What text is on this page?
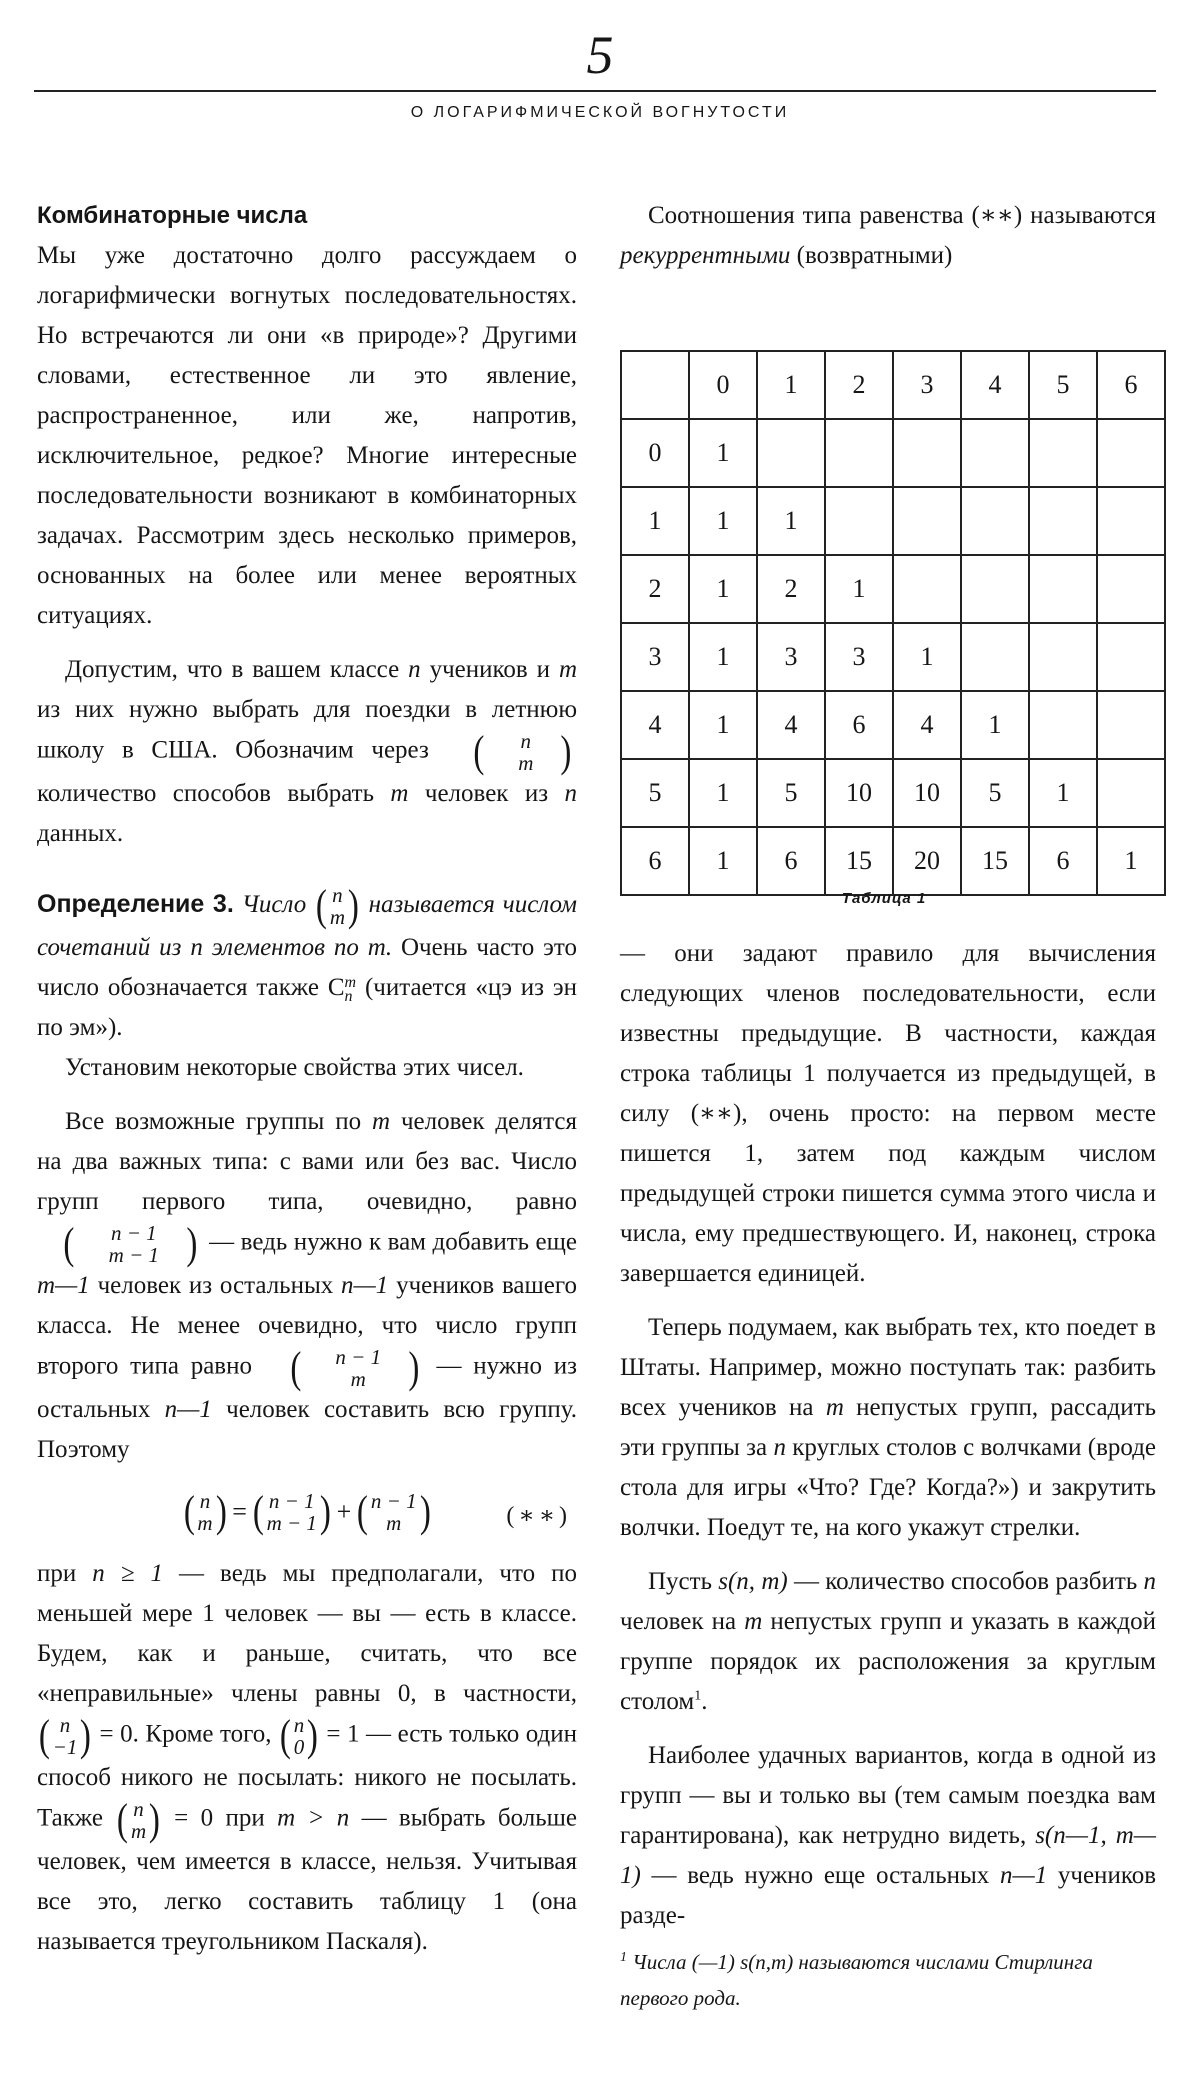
5
О ЛОГАРИФМИЧЕСКОЙ ВОГНУТОСТИ

Комбинаторные числа

Мы уже достаточно долго рассуждаем о логарифмически вогнутых последовательностях. Но встречаются ли они «в природе»? Другими словами, естественное ли это явление, распространенное, или же, напротив, исключительное, редкое? Многие интересные последовательности возникают в комбинаторных задачах. Рассмотрим здесь несколько примеров, основанных на более или менее вероятных ситуациях.

Допустим, что в вашем классе n учеников и m из них нужно выбрать для поездки в летнюю школу в США. Обозначим через	(	n
m )
количество способов выбрать m человек из n данных.

Определение 3. Число ( n
m ) называется числом сочетаний из n элементов по m. Очень часто это число обозначается также C m
n (читается «цэ из эн по эм»).

Установим некоторые свойства этих чисел.

Все возможные группы по m человек делятся на два важных типа: с вами или без вас. Число групп первого типа, очевидно, равно
(	n − 1
m − 1 ) — ведь нужно к вам добавить еще m—1 человек из остальных n—1 учеников вашего класса. Не менее очевидно, что число групп второго типа равно (	n − 1
m ) — нужно из остальных n—1 человек составить всю группу. Поэтому

( n
m ) = ( n − 1
m − 1 ) + ( n − 1
m )	(∗∗)

при n ≥ 1 — ведь мы предполагали, что по меньшей мере 1 человек — вы — есть в классе. Будем, как и раньше, считать, что все «неправильные» члены равны 0, в частности,
( n
−1 ) = 0. Кроме того, ( n
0 ) = 1 — есть только один способ никого не посылать: никого не посылать. Также ( n
m ) = 0 при m > n — выбрать больше человек, чем имеется в классе, нельзя. Учитывая все это, легко составить таблицу 1 (она называется треугольником Паскаля).

Соотношения типа равенства (∗∗) называются рекуррентными (возвратными)

	0	1	2	3	4	5	6
0	1						
1	1	1					
2	1	2	1				
3	1	3	3	1			
4	1	4	6	4	1		
5	1	5	10	10	5	1	
6	1	6	15	20	15	6	1
Таблица 1

— они задают правило для вычисления следующих членов последовательности, если известны предыдущие. В частности, каждая строка таблицы 1 получается из предыдущей, в силу (∗∗), очень просто: на первом месте пишется 1, затем под каждым числом предыдущей строки пишется сумма этого числа и числа, ему предшествующего. И, наконец, строка завершается единицей.

Теперь подумаем, как выбрать тех, кто поедет в Штаты. Например, можно поступать так: разбить всех учеников на m непустых групп, рассадить эти группы за n круглых столов с волчками (вроде стола для игры «Что? Где? Когда?») и закрутить волчки. Поедут те, на кого укажут стрелки.

Пусть s(n, m) — количество способов разбить n человек на m непустых групп и указать в каждой группе порядок их расположения за круглым столом$^1$.

Наиболее удачных вариантов, когда в одной из групп — вы и только вы (тем самым поездка вам гарантирована), как нетрудно видеть, s(n—1, m—1) — ведь нужно еще остальных n—1 учеников разде-

$^1$ Числа (—1) s(n,m) называются числами Стирлинга первого рода.
